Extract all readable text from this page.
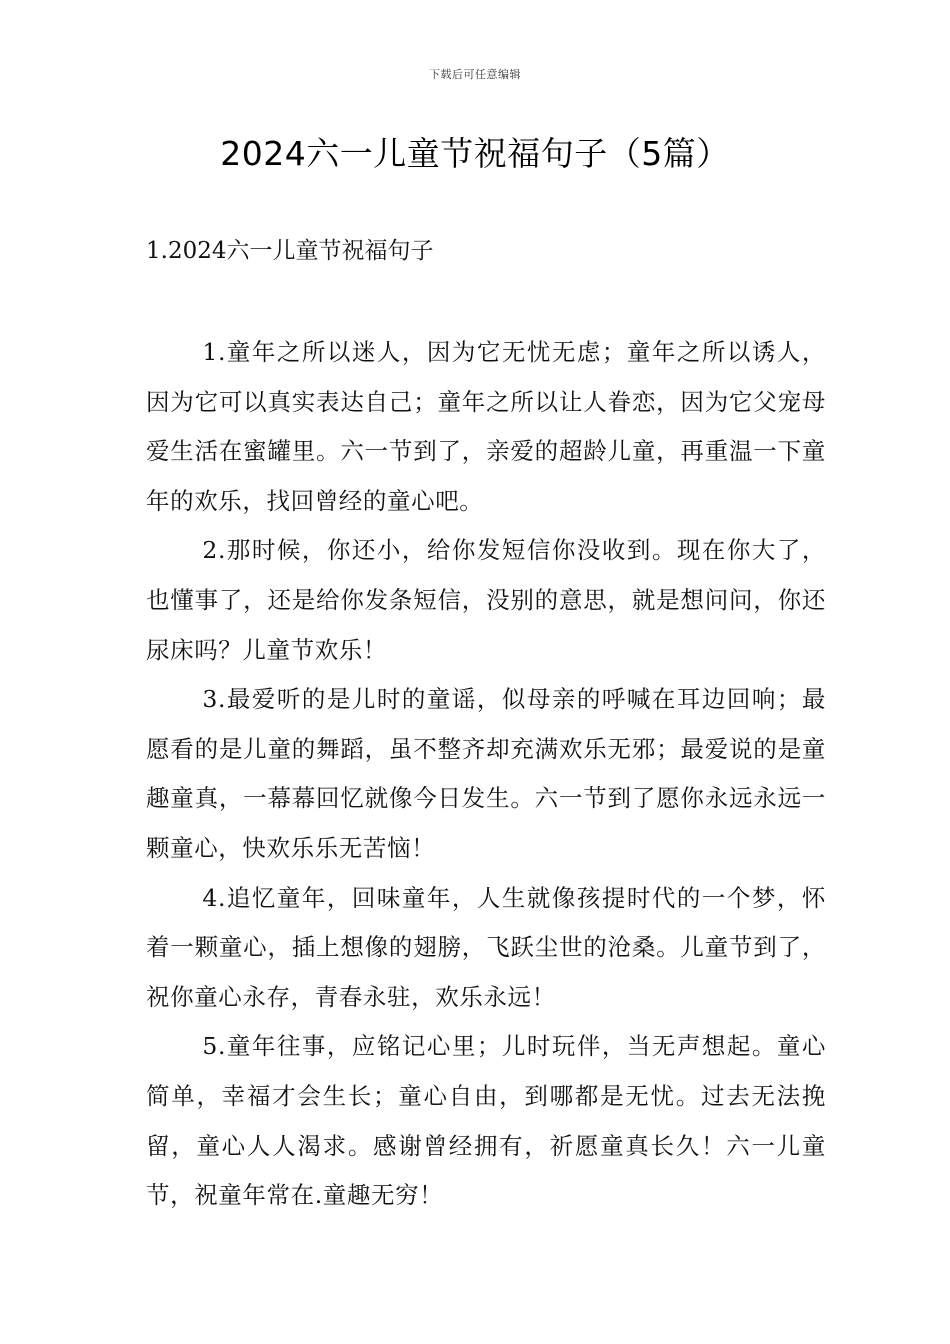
下载后可任意编辑
2024六一儿童节祝福句子（5篇）
1.2024六一儿童节祝福句子

1.童年之所以迷人，因为它无忧无虑；童年之所以诱人，因为它可以真实表达自己；童年之所以让人眷恋，因为它父宠母爱生活在蜜罐里。六一节到了，亲爱的超龄儿童，再重温一下童年的欢乐，找回曾经的童心吧。

2.那时候，你还小，给你发短信你没收到。现在你大了，也懂事了，还是给你发条短信，没别的意思，就是想问问，你还尿床吗？儿童节欢乐！

3.最爱听的是儿时的童谣，似母亲的呼喊在耳边回响；最愿看的是儿童的舞蹈，虽不整齐却充满欢乐无邪；最爱说的是童趣童真，一幕幕回忆就像今日发生。六一节到了愿你永远永远一颗童心，快欢乐乐无苦恼！

4.追忆童年，回味童年，人生就像孩提时代的一个梦，怀着一颗童心，插上想像的翅膀，飞跃尘世的沧桑。儿童节到了，祝你童心永存，青春永驻，欢乐永远！

5.童年往事，应铭记心里；儿时玩伴，当无声想起。童心简单，幸福才会生长；童心自由，到哪都是无忧。过去无法挽留，童心人人渴求。感谢曾经拥有，祈愿童真长久！六一儿童节，祝童年常在.童趣无穷！
